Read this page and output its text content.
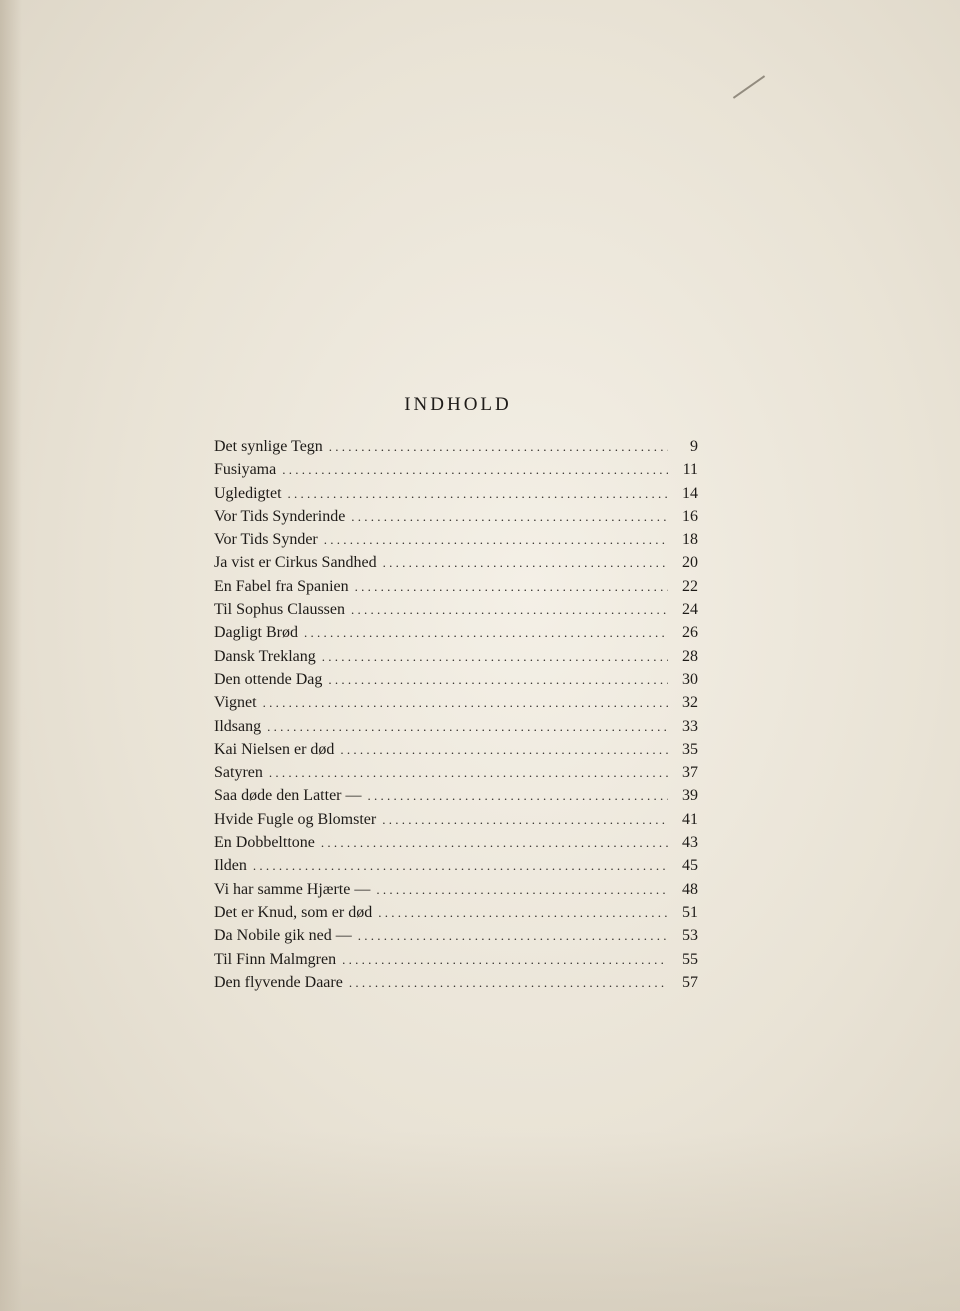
INDHOLD
Det synlige Tegn . . .	9
Fusiyama . . .	11
Ugledigtet . . .	14
Vor Tids Synderinde . . .	16
Vor Tids Synder . . .	18
Ja vist er Cirkus Sandhed . . .	20
En Fabel fra Spanien . . .	22
Til Sophus Claussen . . .	24
Dagligt Brød . . .	26
Dansk Treklang . . .	28
Den ottende Dag . . .	30
Vignet . . .	32
Ildsang . . .	33
Kai Nielsen er død . . .	35
Satyren . . .	37
Saa døde den Latter — . . .	39
Hvide Fugle og Blomster . . .	41
En Dobbelttone . . .	43
Ilden . . .	45
Vi har samme Hjærte — . . .	48
Det er Knud, som er død . . .	51
Da Nobile gik ned — . . .	53
Til Finn Malmgren . . .	55
Den flyvende Daare . . .	57
